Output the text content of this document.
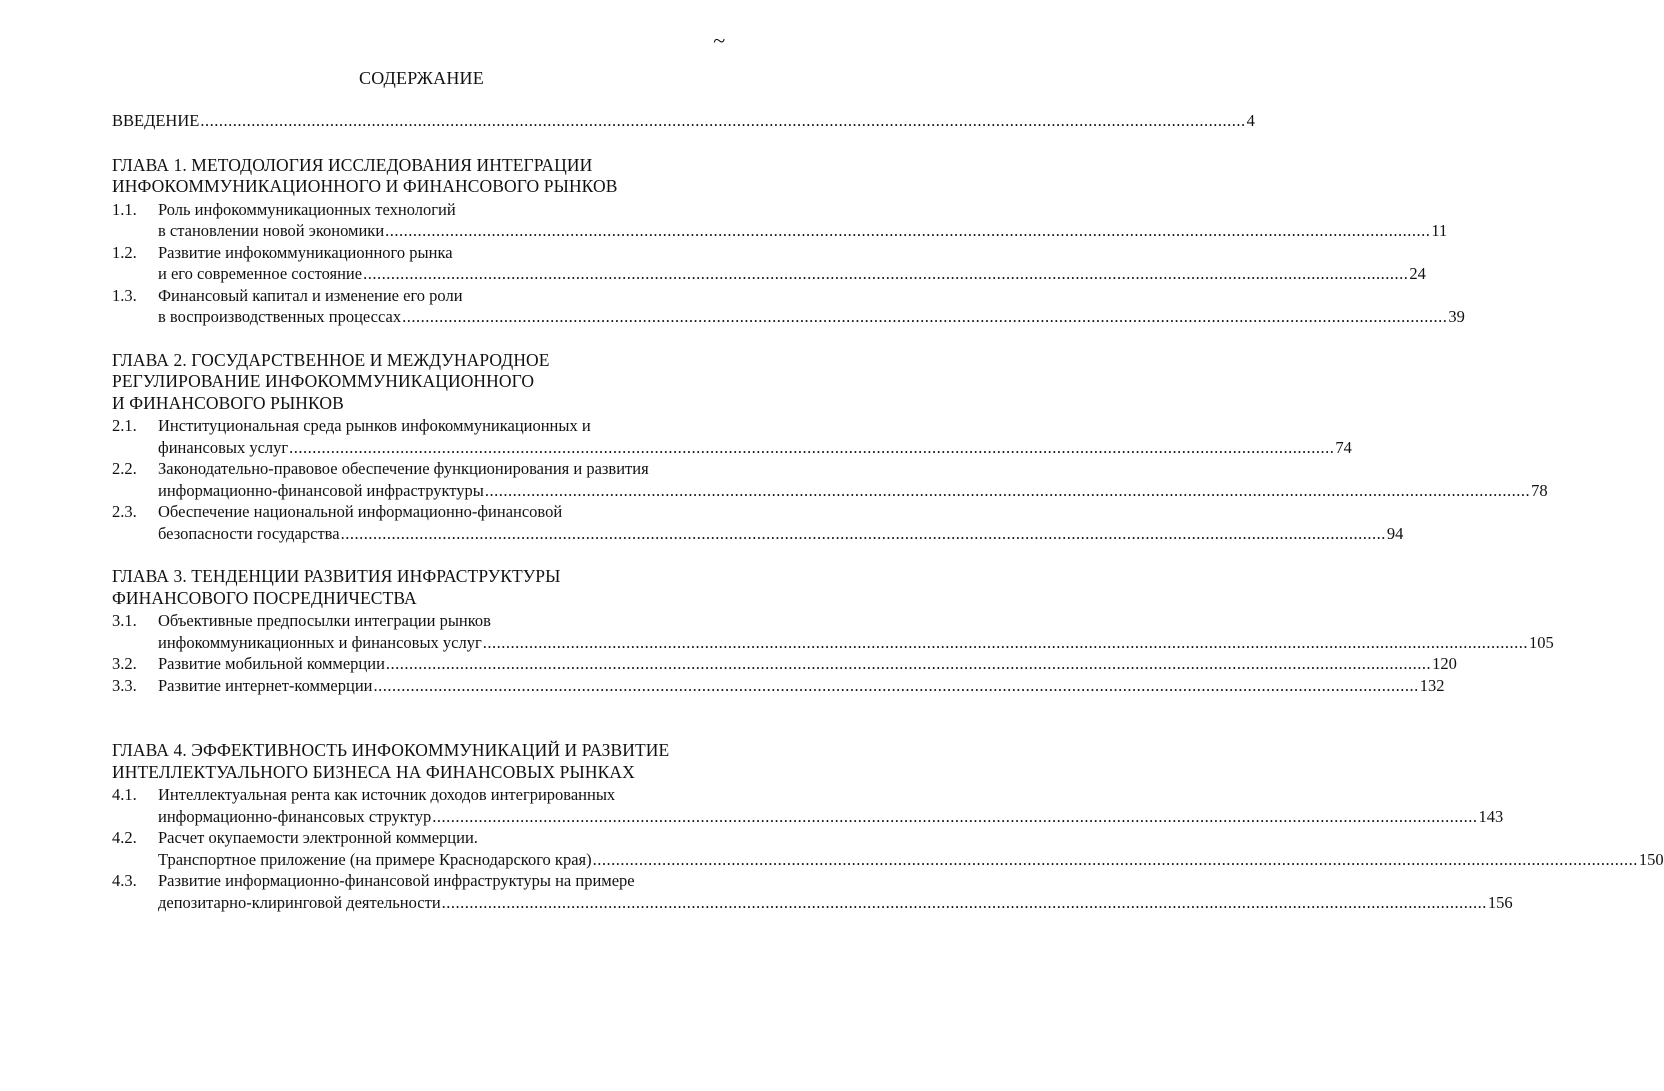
~
СОДЕРЖАНИЕ
ВВЕДЕНИЕ .....	4
ГЛАВА 1. МЕТОДОЛОГИЯ ИССЛЕДОВАНИЯ ИНТЕГРАЦИИ
ИНФОКОММУНИКАЦИОННОГО И ФИНАНСОВОГО РЫНКОВ
1.1.	Роль инфокоммуникационных технологий
в становлении новой экономики .....	11
1.2.	Развитие инфокоммуникационного рынка
и его современное состояние .....	24
1.3.	Финансовый капитал и изменение его роли
в воспроизводственных процессах .....	39
ГЛАВА 2. ГОСУДАРСТВЕННОЕ И МЕЖДУНАРОДНОЕ
РЕГУЛИРОВАНИЕ ИНФОКОММУНИКАЦИОННОГО
И ФИНАНСОВОГО РЫНКОВ
2.1.	Институциональная среда рынков инфокоммуникационных и
финансовых услуг .....	74
2.2.	Законодательно-правовое обеспечение функционирования и развития
информационно-финансовой инфраструктуры .....	78
2.3.	Обеспечение национальной информационно-финансовой
безопасности государства .....	94
ГЛАВА 3. ТЕНДЕНЦИИ РАЗВИТИЯ ИНФРАСТРУКТУРЫ
ФИНАНСОВОГО ПОСРЕДНИЧЕСТВА
3.1.	Объективные предпосылки интеграции рынков
инфокоммуникационных и финансовых услуг .....	105
3.2.	Развитие мобильной коммерции .....	120
3.3.	Развитие интернет-коммерции .....	132
ГЛАВА 4. ЭФФЕКТИВНОСТЬ ИНФОКОММУНИКАЦИЙ И РАЗВИТИЕ
ИНТЕЛЛЕКТУАЛЬНОГО БИЗНЕСА НА ФИНАНСОВЫХ РЫНКАХ
4.1.	Интеллектуальная рента как источник доходов интегрированных
информационно-финансовых структур .....	143
4.2.	Расчет окупаемости электронной коммерции.
Транспортное приложение (на примере Краснодарского края) .....	150
4.3.	Развитие информационно-финансовой инфраструктуры на примере
депозитарно-клиринговой деятельности .....	156
